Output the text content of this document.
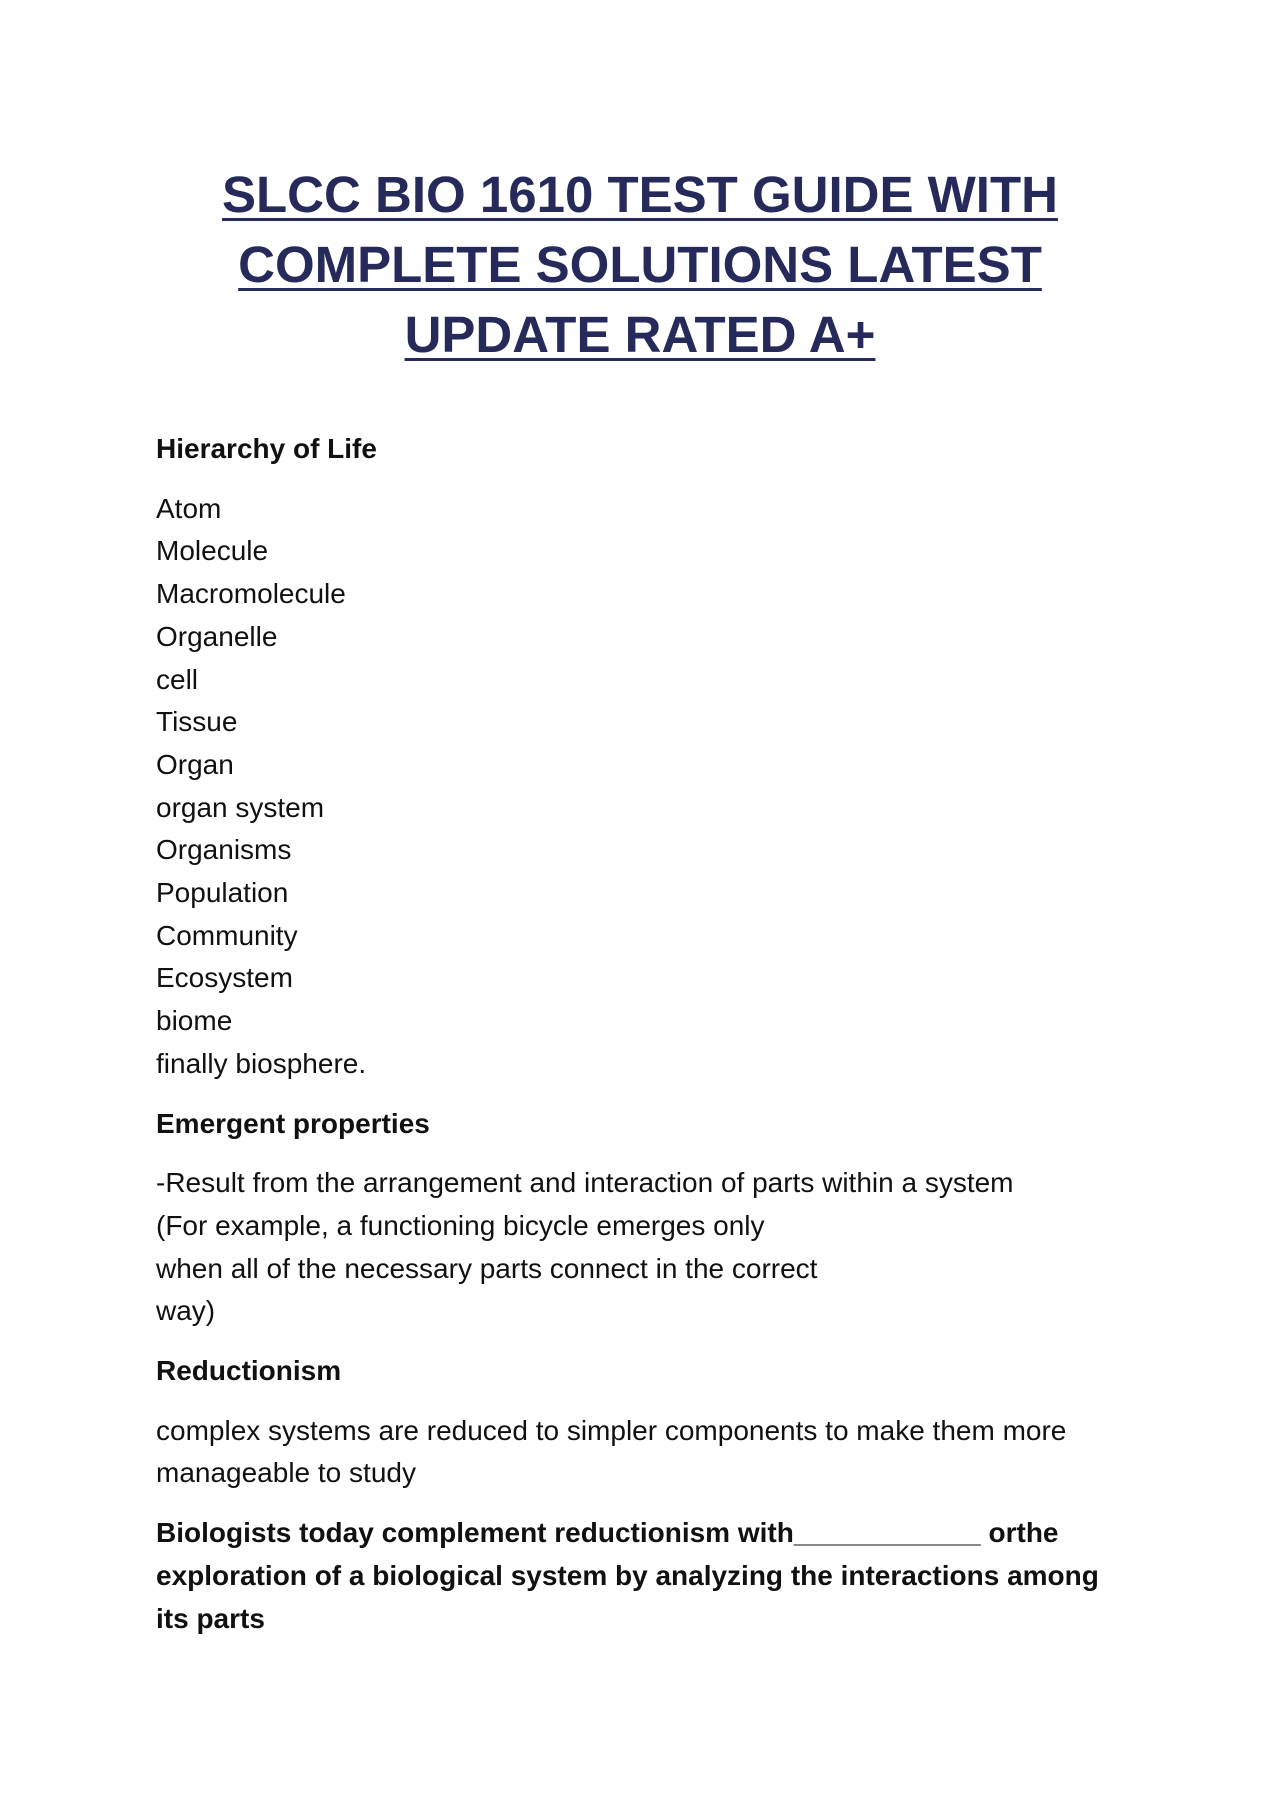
SLCC BIO 1610 TEST GUIDE WITH
COMPLETE SOLUTIONS LATEST
UPDATE RATED A+
Hierarchy of Life
Atom
Molecule
Macromolecule
Organelle
cell
Tissue
Organ
organ system
Organisms
Population
Community
Ecosystem
biome
finally biosphere.
Emergent properties
-Result from the arrangement and interaction of parts within a system
(For example, a functioning bicycle emerges only
when all of the necessary parts connect in the correct
way)
Reductionism
complex systems are reduced to simpler components to make them more
manageable to study
Biologists today complement reductionism with____________ orthe
exploration of a biological system by analyzing the interactions among
its parts
